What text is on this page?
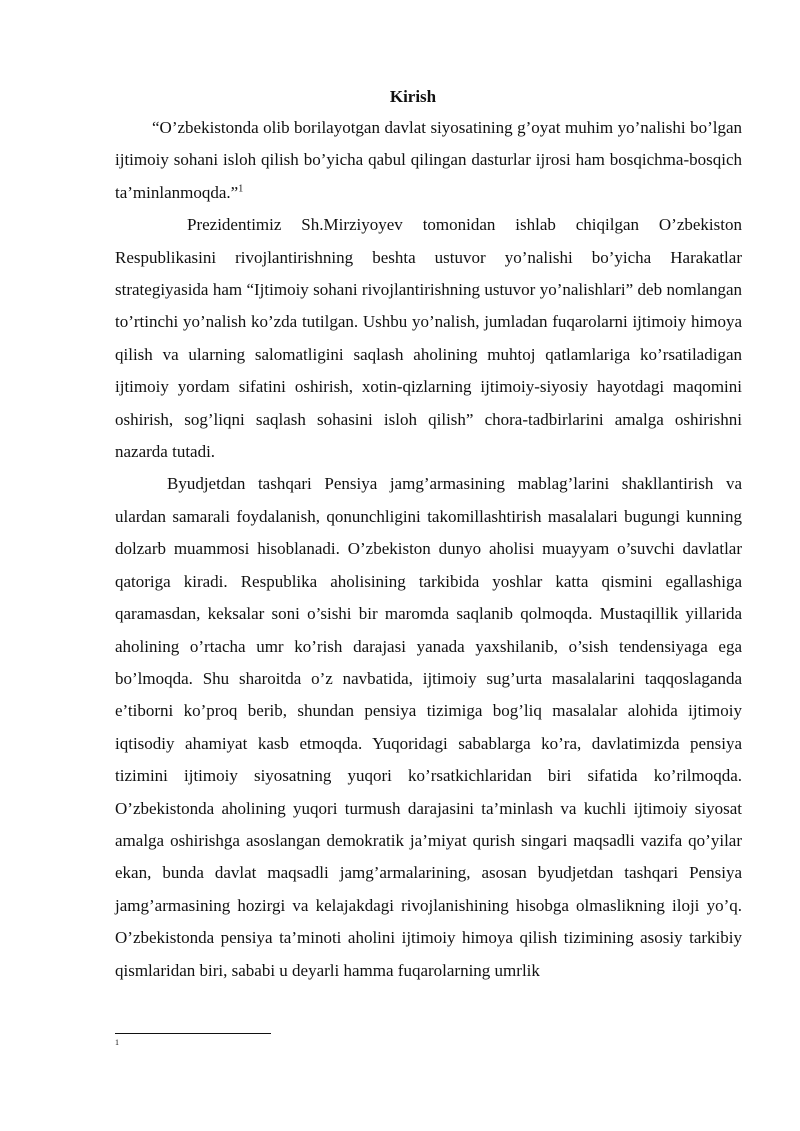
Kirish

“O’zbekistonda olib borilayotgan davlat siyosatining g’oyat muhim yo’nalishi bo’lgan ijtimoiy sohani isloh qilish bo’yicha qabul qilingan dasturlar ijrosi ham bosqichma-bosqich ta’minlanmoqda.”$^1$

Prezidentimiz Sh.Mirziyoyev tomonidan ishlab chiqilgan O’zbekiston Respublikasini rivojlantirishning beshta ustuvor yo’nalishi bo’yicha Harakatlar strategiyasida ham “Ijtimoiy sohani rivojlantirishning ustuvor yo’nalishlari” deb nomlangan to’rtinchi yo’nalish ko’zda tutilgan. Ushbu yo’nalish, jumladan fuqarolarni ijtimoiy himoya qilish va ularning salomatligini saqlash aholining muhtoj qatlamlariga ko’rsatiladigan ijtimoiy yordam sifatini oshirish, xotin-qizlarning ijtimoiy-siyosiy hayotdagi maqomini oshirish, sog’liqni saqlash sohasini isloh qilish” chora-tadbirlarini amalga oshirishni nazarda tutadi.

Byudjetdan tashqari Pensiya jamg’armasining mablag’larini shakllantirish va ulardan samarali foydalanish, qonunchligini takomillashtirish masalalari bugungi kunning dolzarb muammosi hisoblanadi. O’zbekiston dunyo aholisi muayyam o’suvchi davlatlar qatoriga kiradi. Respublika aholisining tarkibida yoshlar katta qismini egallashiga qaramasdan, keksalar soni o’sishi bir maromda saqlanib qolmoqda. Mustaqillik yillarida aholining o’rtacha umr ko’rish darajasi yanada yaxshilanib, o’sish tendensiyaga ega bo’lmoqda. Shu sharoitda o’z navbatida, ijtimoiy sug’urta masalalarini taqqoslaganda e’tiborni ko’proq berib, shundan pensiya tizimiga bog’liq masalalar alohida ijtimoiy iqtisodiy ahamiyat kasb etmoqda. Yuqoridagi sabablarga ko’ra, davlatimizda pensiya tizimini ijtimoiy siyosatning yuqori ko’rsatkichlaridan biri sifatida ko’rilmoqda. O’zbekistonda aholining yuqori turmush darajasini ta’minlash va kuchli ijtimoiy siyosat amalga oshirishga asoslangan demokratik ja’miyat qurish singari maqsadli vazifa qo’yilar ekan, bunda davlat maqsadli jamg’armalarining, asosan byudjetdan tashqari Pensiya jamg’armasining hozirgi va kelajakdagi rivojlanishining hisobga olmaslikning iloji yo’q. O’zbekistonda pensiya ta’minoti aholini ijtimoiy himoya qilish tizimining asosiy tarkibiy qismlaridan biri, sababi u deyarli hamma fuqarolarning umrlik

1
